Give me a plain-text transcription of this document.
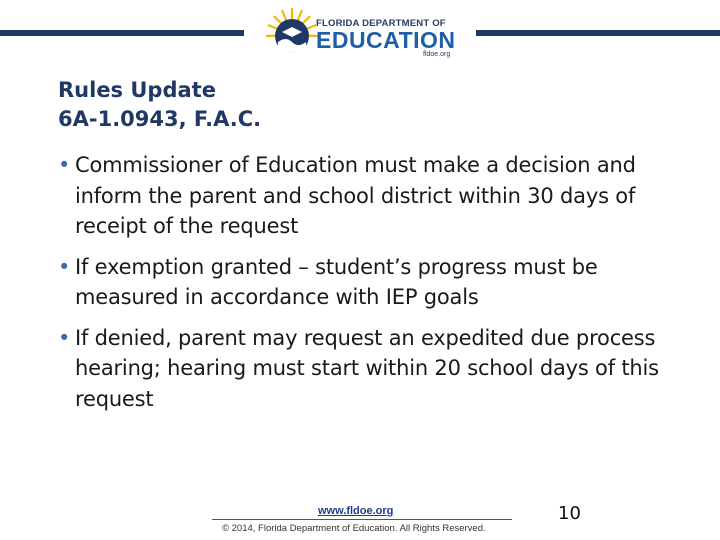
FLORIDA DEPARTMENT OF
EDUCATION
fldoe.org
Rules Update
6A-1.0943, F.A.C.
• Commissioner of Education must make a decision and inform the parent and school district within 30 days of receipt of the request
• If exemption granted – student’s progress must be measured in accordance with IEP goals
• If denied, parent may request an expedited due process hearing; hearing must start within 20 school days of this request
www.fldoe.org
© 2014, Florida Department of Education. All Rights Reserved.
10
